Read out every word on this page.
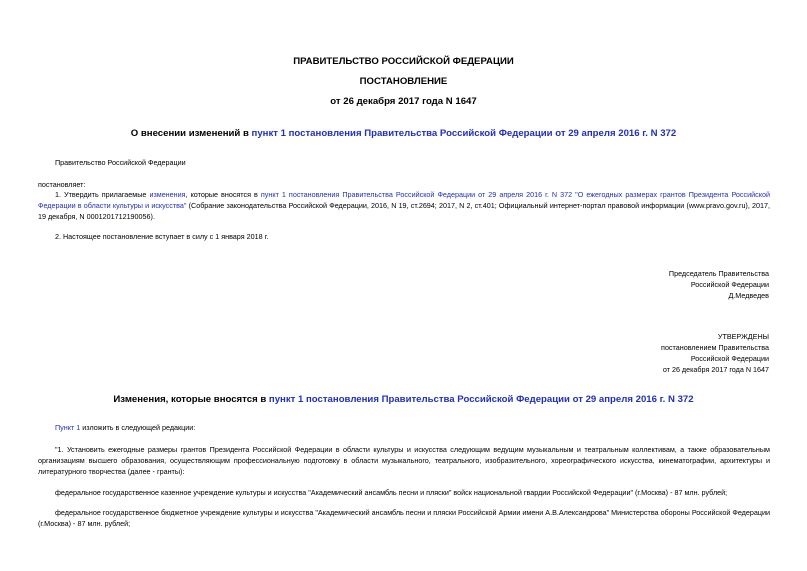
ПРАВИТЕЛЬСТВО РОССИЙСКОЙ ФЕДЕРАЦИИ
ПОСТАНОВЛЕНИЕ
от 26 декабря 2017 года N 1647
О внесении изменений в пункт 1 постановления Правительства Российской Федерации от 29 апреля 2016 г. N 372
Правительство Российской Федерации
постановляет:
1. Утвердить прилагаемые изменения, которые вносятся в пункт 1 постановления Правительства Российской Федерации от 29 апреля 2016 г. N 372 "О ежегодных размерах грантов Президента Российской Федерации в области культуры и искусства" (Собрание законодательства Российской Федерации, 2016, N 19, ст.2694; 2017, N 2, ст.401; Официальный интернет-портал правовой информации (www.pravo.gov.ru), 2017, 19 декабря, N 0001201712190056).
2. Настоящее постановление вступает в силу с 1 января 2018 г.
Председатель Правительства
Российской Федерации
Д.Медведев
УТВЕРЖДЕНЫ
постановлением Правительства
Российской Федерации
от 26 декабря 2017 года N 1647
Изменения, которые вносятся в пункт 1 постановления Правительства Российской Федерации от 29 апреля 2016 г. N 372
Пункт 1 изложить в следующей редакции:
"1. Установить ежегодные размеры грантов Президента Российской Федерации в области культуры и искусства следующим ведущим музыкальным и театральным коллективам, а также образовательным организациям высшего образования, осуществляющим профессиональную подготовку в области музыкального, театрального, изобразительного, хореографического искусства, кинематографии, архитектуры и литературного творчества (далее - гранты):
федеральное государственное казенное учреждение культуры и искусства "Академический ансамбль песни и пляски" войск национальной гвардии Российской Федерации" (г.Москва) - 87 млн. рублей;
федеральное государственное бюджетное учреждение культуры и искусства "Академический ансамбль песни и пляски Российской Армии имени А.В.Александрова" Министерства обороны Российской Федерации (г.Москва) - 87 млн. рублей;
